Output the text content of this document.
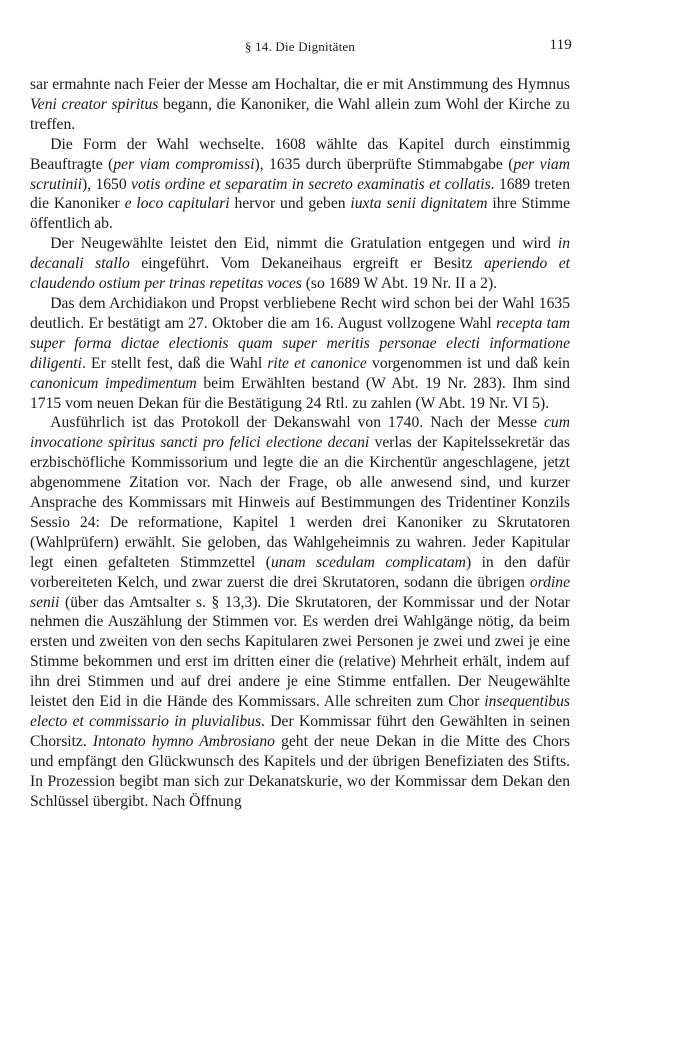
§ 14. Die Dignitäten	119

sar ermahnte nach Feier der Messe am Hochaltar, die er mit Anstimmung des Hymnus Veni creator spiritus begann, die Kanoniker, die Wahl allein zum Wohl der Kirche zu treffen.

Die Form der Wahl wechselte. 1608 wählte das Kapitel durch einstimmig Beauftragte (per viam compromissi), 1635 durch überprüfte Stimmabgabe (per viam scrutinii), 1650 votis ordine et separatim in secreto examinatis et collatis. 1689 treten die Kanoniker e loco capitulari hervor und geben iuxta senii dignitatem ihre Stimme öffentlich ab.

Der Neugewählte leistet den Eid, nimmt die Gratulation entgegen und wird in decanali stallo eingeführt. Vom Dekaneihaus ergreift er Besitz aperiendo et claudendo ostium per trinas repetitas voces (so 1689 W Abt. 19 Nr. II a 2).

Das dem Archidiakon und Propst verbliebene Recht wird schon bei der Wahl 1635 deutlich. Er bestätigt am 27. Oktober die am 16. August vollzogene Wahl recepta tam super forma dictae electionis quam super meritis personae electi informatione diligenti. Er stellt fest, daß die Wahl rite et canonice vorgenommen ist und daß kein canonicum impedimentum beim Erwählten bestand (W Abt. 19 Nr. 283). Ihm sind 1715 vom neuen Dekan für die Bestätigung 24 Rtl. zu zahlen (W Abt. 19 Nr. VI 5).

Ausführlich ist das Protokoll der Dekanswahl von 1740. Nach der Messe cum invocatione spiritus sancti pro felici electione decani verlas der Kapitelssekretär das erzbischöfliche Kommissorium und legte die an die Kirchentür angeschlagene, jetzt abgenommene Zitation vor. Nach der Frage, ob alle anwesend sind, und kurzer Ansprache des Kommissars mit Hinweis auf Bestimmungen des Tridentiner Konzils Sessio 24: De reformatione, Kapitel 1 werden drei Kanoniker zu Skrutatoren (Wahlprüfern) erwählt. Sie geloben, das Wahlgeheimnis zu wahren. Jeder Kapitular legt einen gefalteten Stimmzettel (unam scedulam complicatam) in den dafür vorbereiteten Kelch, und zwar zuerst die drei Skrutatoren, sodann die übrigen ordine senii (über das Amtsalter s. § 13,3). Die Skrutatoren, der Kommissar und der Notar nehmen die Auszählung der Stimmen vor. Es werden drei Wahlgänge nötig, da beim ersten und zweiten von den sechs Kapitularen zwei Personen je zwei und zwei je eine Stimme bekommen und erst im dritten einer die (relative) Mehrheit erhält, indem auf ihn drei Stimmen und auf drei andere je eine Stimme entfallen. Der Neugewählte leistet den Eid in die Hände des Kommissars. Alle schreiten zum Chor insequentibus electo et commissario in pluvialibus. Der Kommissar führt den Gewählten in seinen Chorsitz. Intonato hymno Ambrosiano geht der neue Dekan in die Mitte des Chors und empfängt den Glückwunsch des Kapitels und der übrigen Benefiziaten des Stifts. In Prozession begibt man sich zur Dekanatskurie, wo der Kommissar dem Dekan den Schlüssel übergibt. Nach Öffnung
